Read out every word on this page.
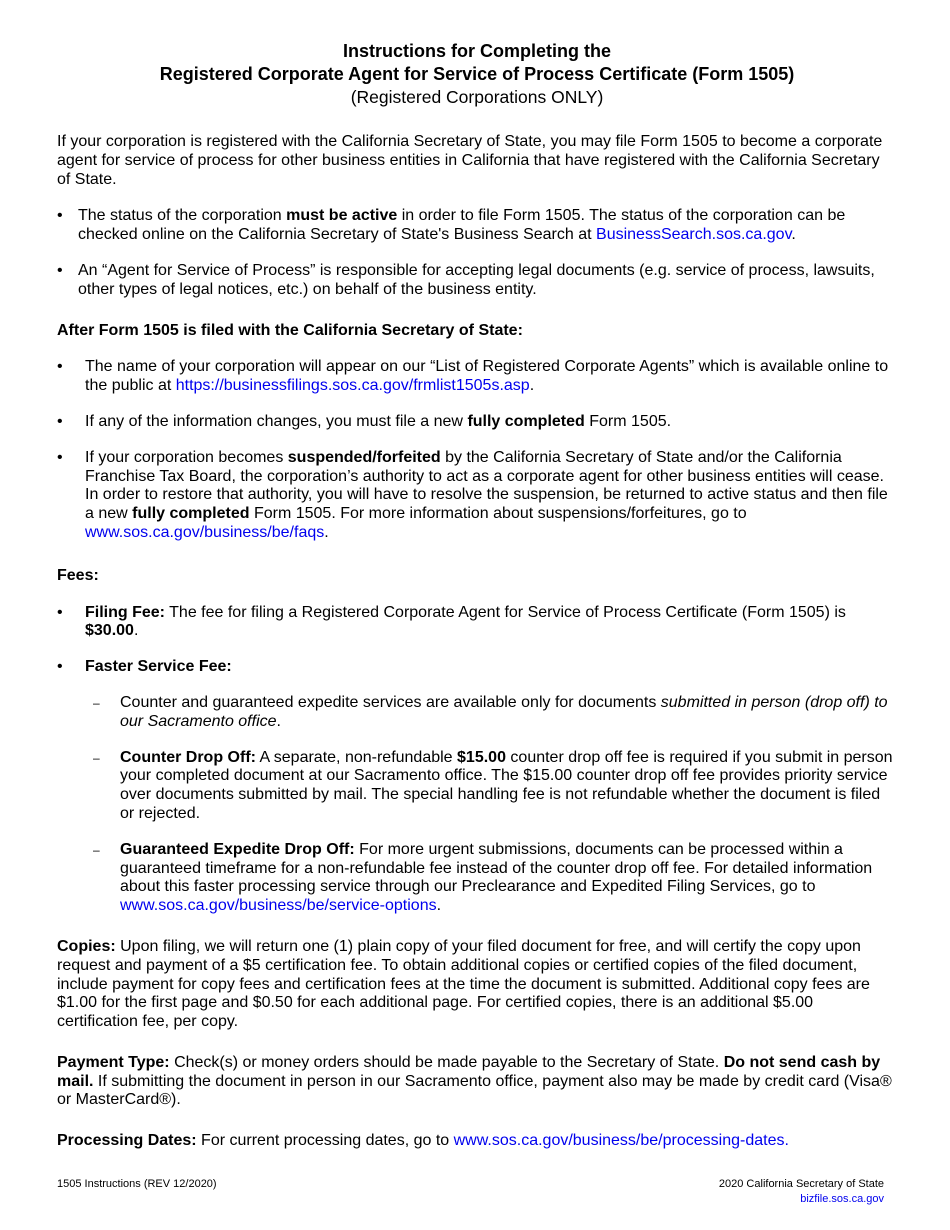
Instructions for Completing the
Registered Corporate Agent for Service of Process Certificate (Form 1505)
(Registered Corporations ONLY)

If your corporation is registered with the California Secretary of State, you may file Form 1505 to become a corporate agent for service of process for other business entities in California that have registered with the California Secretary of State.

• The status of the corporation must be active in order to file Form 1505. The status of the corporation can be checked online on the California Secretary of State's Business Search at BusinessSearch.sos.ca.gov.
• An “Agent for Service of Process” is responsible for accepting legal documents (e.g. service of process, lawsuits, other types of legal notices, etc.) on behalf of the business entity.
After Form 1505 is filed with the California Secretary of State:
• The name of your corporation will appear on our “List of Registered Corporate Agents” which is available online to the public at https://businessfilings.sos.ca.gov/frmlist1505s.asp.
• If any of the information changes, you must file a new fully completed Form 1505.
• If your corporation becomes suspended/forfeited by the California Secretary of State and/or the California Franchise Tax Board, the corporation’s authority to act as a corporate agent for other business entities will cease. In order to restore that authority, you will have to resolve the suspension, be returned to active status and then file a new fully completed Form 1505. For more information about suspensions/forfeitures, go to www.sos.ca.gov/business/be/faqs.
Fees:
• Filing Fee: The fee for filing a Registered Corporate Agent for Service of Process Certificate (Form 1505) is $30.00.
• Faster Service Fee:
– Counter and guaranteed expedite services are available only for documents submitted in person (drop off) to our Sacramento office.
– Counter Drop Off: A separate, non-refundable $15.00 counter drop off fee is required if you submit in person your completed document at our Sacramento office. The $15.00 counter drop off fee provides priority service over documents submitted by mail. The special handling fee is not refundable whether the document is filed or rejected.
– Guaranteed Expedite Drop Off: For more urgent submissions, documents can be processed within a guaranteed timeframe for a non-refundable fee instead of the counter drop off fee. For detailed information about this faster processing service through our Preclearance and Expedited Filing Services, go to www.sos.ca.gov/business/be/service-options.

Copies: Upon filing, we will return one (1) plain copy of your filed document for free, and will certify the copy upon request and payment of a $5 certification fee. To obtain additional copies or certified copies of the filed document, include payment for copy fees and certification fees at the time the document is submitted. Additional copy fees are $1.00 for the first page and $0.50 for each additional page. For certified copies, there is an additional $5.00 certification fee, per copy.

Payment Type: Check(s) or money orders should be made payable to the Secretary of State. Do not send cash by mail. If submitting the document in person in our Sacramento office, payment also may be made by credit card (Visa® or MasterCard®).

Processing Dates: For current processing dates, go to www.sos.ca.gov/business/be/processing-dates.

1505 Instructions (REV 12/2020)	2020 California Secretary of State
bizfile.sos.ca.gov
